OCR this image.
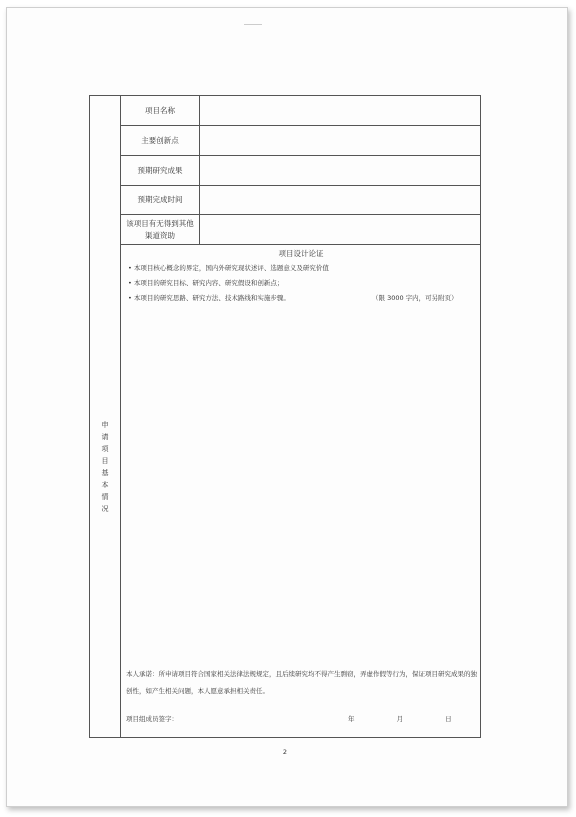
申请项目基本情况
项目名称
主要创新点
预期研究成果
预期完成时间
该项目有无得到其他渠道资助
项目设计论证
• 本项目核心概念的界定，国内外研究现状述评、选题意义及研究价值
• 本项目的研究目标、研究内容、研究假设和创新点；
• 本项目的研究思路、研究方法、技术路线和实施步骤。	（限 3000 字内，可另附页）
本人承诺：所申请项目符合国家相关法律法规规定，且后续研究均不得产生剽窃，弄虚作假等行为，保证项目研究成果的独创性，如产生相关问题，本人愿意承担相关责任。
项目组成员签字：	年 月 日
2
